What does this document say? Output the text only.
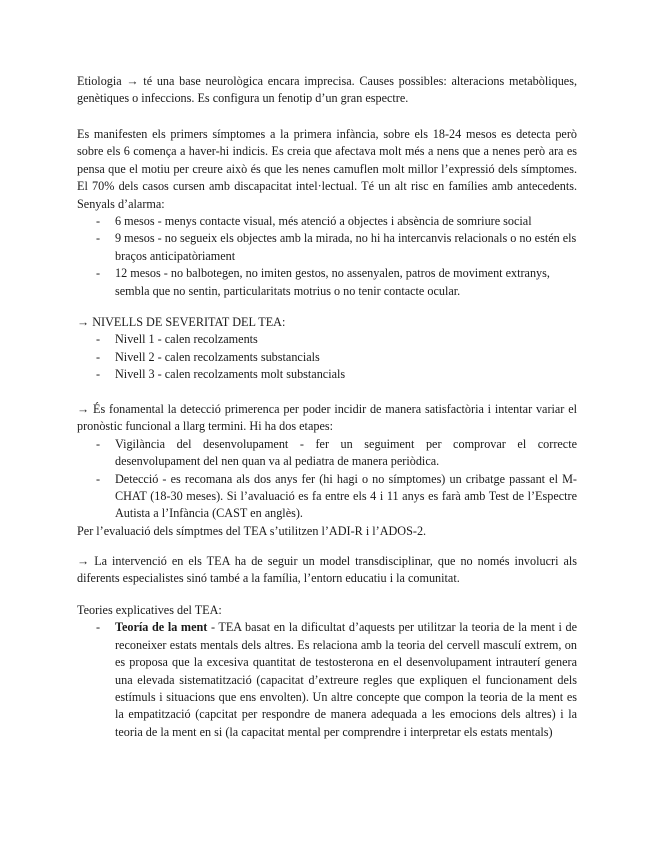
Etiologia → té una base neurològica encara imprecisa. Causes possibles: alteracions metabòliques, genètiques o infeccions. Es configura un fenotip d’un gran espectre.

Es manifesten els primers símptomes a la primera infància, sobre els 18-24 mesos es detecta però sobre els 6 comença a haver-hi indicis. Es creia que afectava molt més a nens que a nenes però ara es pensa que el motiu per creure això és que les nenes camuflen molt millor l’expressió dels símptomes. El 70% dels casos cursen amb discapacitat intel·lectual. Té un alt risc en famílies amb antecedents. Senyals d’alarma:

- 6 mesos - menys contacte visual, més atenció a objectes i absència de somriure social
- 9 mesos - no segueix els objectes amb la mirada, no hi ha intercanvis relacionals o no estén els braços anticipatòriament
- 12 mesos - no balbotegen, no imiten gestos, no assenyalen, patros de moviment extranys, sembla que no sentin, particularitats motrius o no tenir contacte ocular.
→ NIVELLS DE SEVERITAT DEL TEA:
- Nivell 1 - calen recolzaments
- Nivell 2 - calen recolzaments substancials
- Nivell 3 - calen recolzaments molt substancials

→ És fonamental la detecció primerenca per poder incidir de manera satisfactòria i intentar variar el pronòstic funcional a llarg termini. Hi ha dos etapes:

- Vigilància del desenvolupament - fer un seguiment per comprovar el correcte desenvolupament del nen quan va al pediatra de manera periòdica.
- Detecció - es recomana als dos anys fer (hi hagi o no símptomes) un cribatge passant el M-CHAT (18-30 meses). Si l’avaluació es fa entre els 4 i 11 anys es farà amb Test de l’Espectre Autista a l’Infància (CAST en anglès).
Per l’evaluació dels símptmes del TEA s’utilitzen l’ADI-R i l’ADOS-2.

→ La intervenció en els TEA ha de seguir un model transdisciplinar, que no només involucri als diferents especialistes sinó també a la família, l’entorn educatiu i la comunitat.

Teories explicatives del TEA:
- Teoría de la ment - TEA basat en la dificultat d’aquests per utilitzar la teoria de la ment i de reconeixer estats mentals dels altres. Es relaciona amb la teoria del cervell masculí extrem, on es proposa que la excesiva quantitat de testosterona en el desenvolupament intrauterí genera una elevada sistematització (capacitat d’extreure regles que expliquen el funcionament dels estímuls i situacions que ens envolten). Un altre concepte que compon la teoria de la ment es la empatització (capcitat per respondre de manera adequada a les emocions dels altres) i la teoria de la ment en si (la capacitat mental per comprendre i interpretar els estats mentals)
